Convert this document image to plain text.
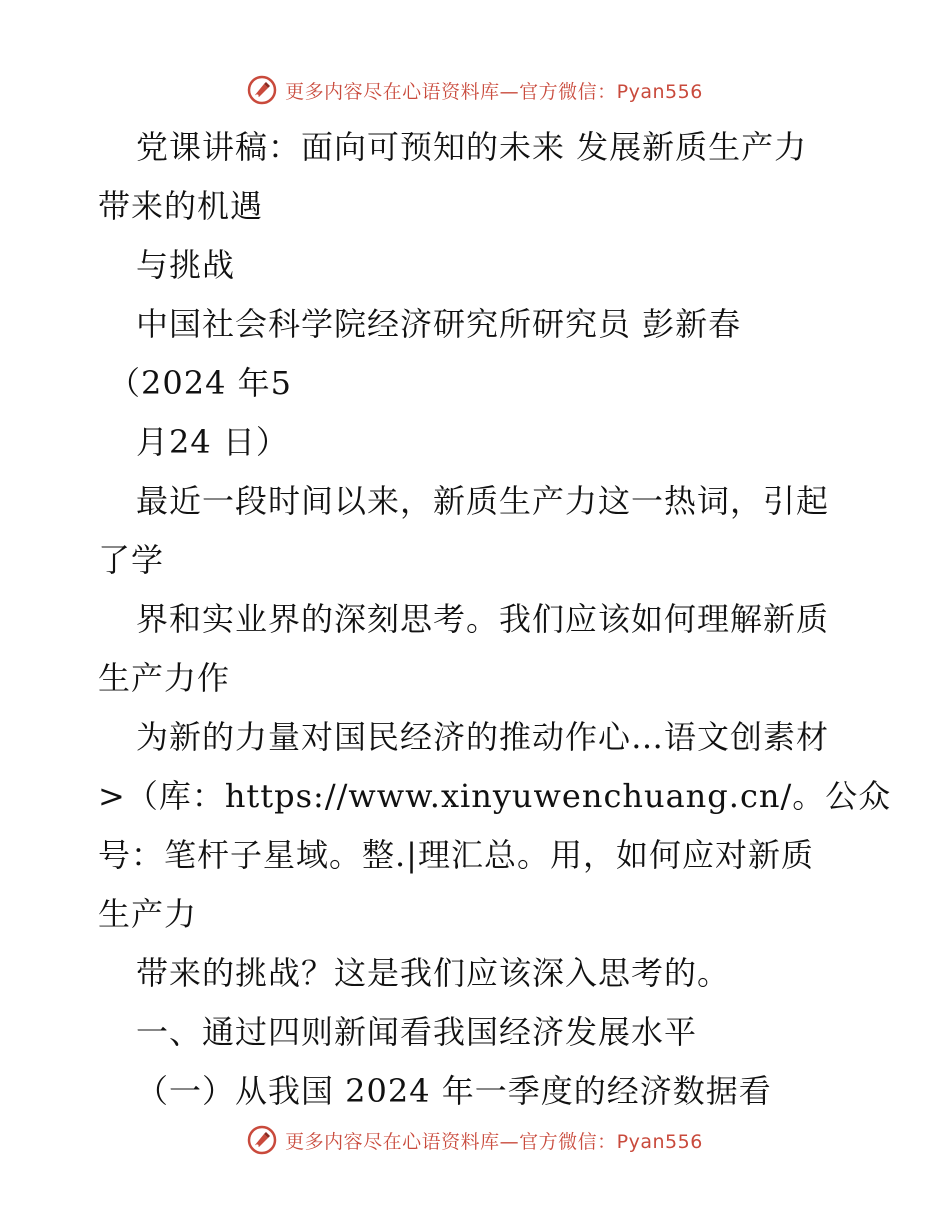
更多内容尽在心语资料库—官方微信：Pyan556
党课讲稿：面向可预知的未来 发展新质生产力
带来的机遇
与挑战
中国社会科学院经济研究所研究员 彭新春
（2024 年5
月24 日）
最近一段时间以来，新质生产力这一热词，引起
了学
界和实业界的深刻思考。我们应该如何理解新质
生产力作
为新的力量对国民经济的推动作心…语文创素材
>（库：https://www.xinyuwenchuang.cn/。公众
号：笔杆子星域。整.|理汇总。用，如何应对新质
生产力
带来的挑战？这是我们应该深入思考的。
一、通过四则新闻看我国经济发展水平
（一）从我国 2024 年一季度的经济数据看
更多内容尽在心语资料库—官方微信：Pyan556
